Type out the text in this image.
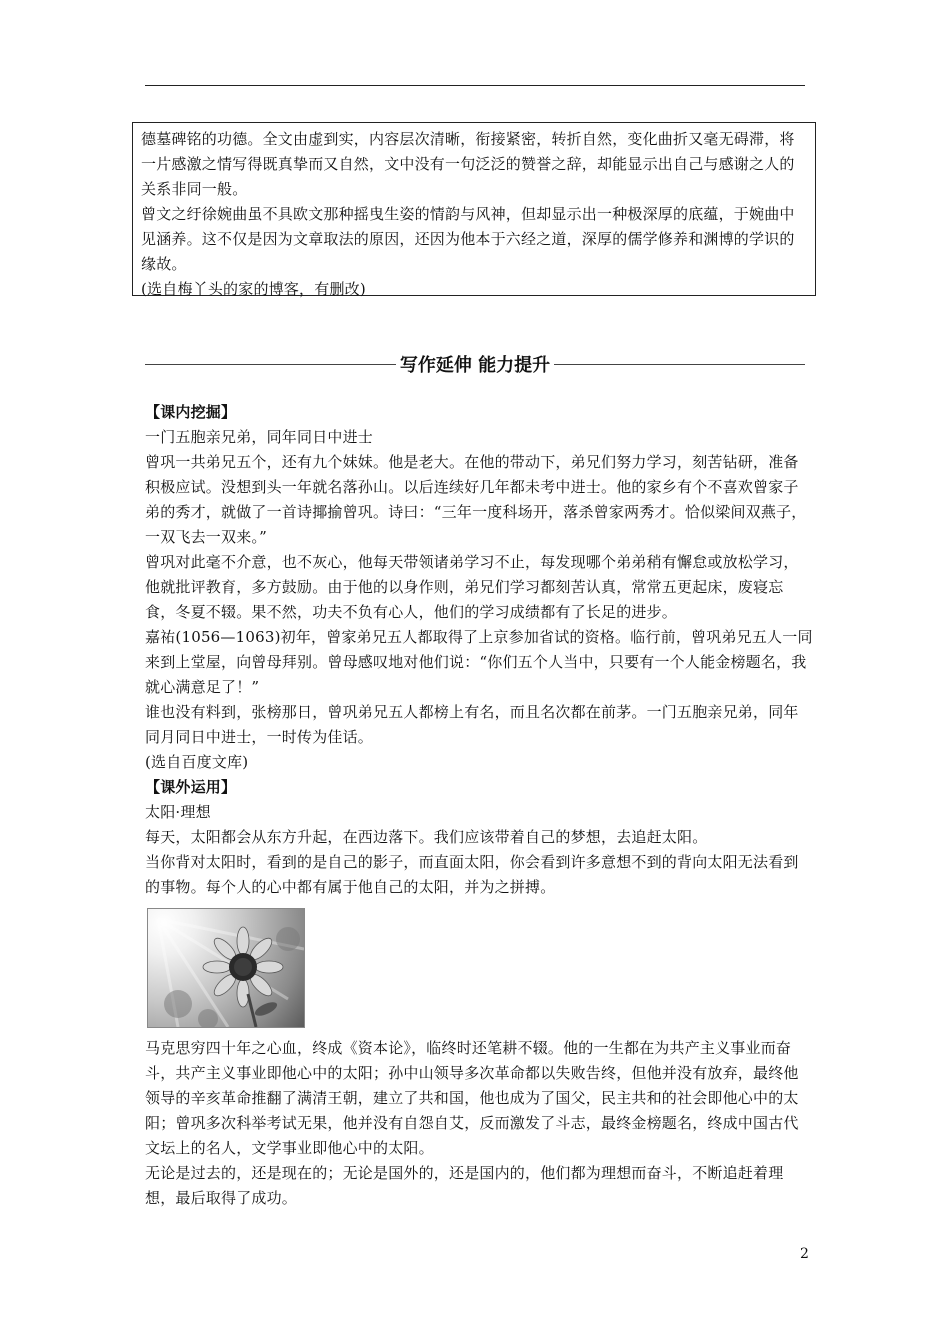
德墓碑铭的功德。全文由虚到实，内容层次清晰，衔接紧密，转折自然，变化曲折又毫无碍滞，将一片感激之情写得既真挚而又自然，文中没有一句泛泛的赞誉之辞，却能显示出自己与感谢之人的关系非同一般。

曾文之纡徐婉曲虽不具欧文那种摇曳生姿的情韵与风神，但却显示出一种极深厚的底蕴，于婉曲中见涵养。这不仅是因为文章取法的原因，还因为他本于六经之道，深厚的儒学修养和渊博的学识的缘故。

(选自梅丫头的家的博客，有删改)

写作延伸 能力提升

【课内挖掘】

一门五胞亲兄弟，同年同日中进士

曾巩一共弟兄五个，还有九个妹妹。他是老大。在他的带动下，弟兄们努力学习，刻苦钻研，准备积极应试。没想到头一年就名落孙山。以后连续好几年都未考中进士。他的家乡有个不喜欢曾家子弟的秀才，就做了一首诗揶揄曾巩。诗曰：“三年一度科场开，落杀曾家两秀才。恰似梁间双燕子，一双飞去一双来。”

曾巩对此毫不介意，也不灰心，他每天带领诸弟学习不止，每发现哪个弟弟稍有懈怠或放松学习，他就批评教育，多方鼓励。由于他的以身作则，弟兄们学习都刻苦认真，常常五更起床，废寝忘食，冬夏不辍。果不然，功夫不负有心人，他们的学习成绩都有了长足的进步。

嘉祐(1056—1063)初年，曾家弟兄五人都取得了上京参加省试的资格。临行前，曾巩弟兄五人一同来到上堂屋，向曾母拜别。曾母感叹地对他们说：“你们五个人当中，只要有一个人能金榜题名，我就心满意足了！”

谁也没有料到，张榜那日，曾巩弟兄五人都榜上有名，而且名次都在前茅。一门五胞亲兄弟，同年同月同日中进士，一时传为佳话。

(选自百度文库)

【课外运用】

太阳·理想

每天，太阳都会从东方升起，在西边落下。我们应该带着自己的梦想，去追赶太阳。

当你背对太阳时，看到的是自己的影子，而直面太阳，你会看到许多意想不到的背向太阳无法看到的事物。每个人的心中都有属于他自己的太阳，并为之拼搏。

马克思穷四十年之心血，终成《资本论》，临终时还笔耕不辍。他的一生都在为共产主义事业而奋斗，共产主义事业即他心中的太阳；孙中山领导多次革命都以失败告终，但他并没有放弃，最终他领导的辛亥革命推翻了满清王朝，建立了共和国，他也成为了国父，民主共和的社会即他心中的太阳；曾巩多次科举考试无果，他并没有自怨自艾，反而激发了斗志，最终金榜题名，终成中国古代文坛上的名人，文学事业即他心中的太阳。

无论是过去的，还是现在的；无论是国外的，还是国内的，他们都为理想而奋斗，不断追赶着理想，最后取得了成功。

2
